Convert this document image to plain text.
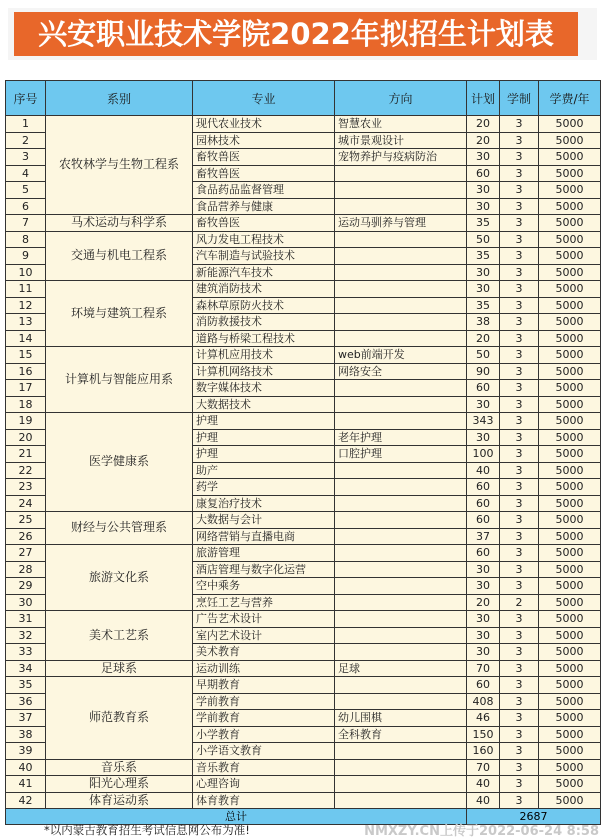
兴安职业技术学院2022年拟招生计划表
序号	系别	专业	方向	计划	学制	学费/年
1	农牧林学与生物工程系	现代农业技术	智慧农业	20	3	5000
2		园林技术	城市景观设计	20	3	5000
3		畜牧兽医	宠物养护与疫病防治	30	3	5000
4		畜牧兽医		60	3	5000
5		食品药品监督管理		30	3	5000
6		食品营养与健康		30	3	5000
7	马术运动与科学系	畜牧兽医	运动马驯养与管理	35	3	5000
8	交通与机电工程系	风力发电工程技术		50	3	5000
9		汽车制造与试验技术		35	3	5000
10		新能源汽车技术		30	3	5000
11	环境与建筑工程系	建筑消防技术		30	3	5000
12		森林草原防火技术		35	3	5000
13		消防救援技术		38	3	5000
14		道路与桥梁工程技术		20	3	5000
15	计算机与智能应用系	计算机应用技术	web前端开发	50	3	5000
16		计算机网络技术	网络安全	90	3	5000
17		数字媒体技术		60	3	5000
18		大数据技术		30	3	5000
19	医学健康系	护理		343	3	5000
20		护理	老年护理	30	3	5000
21		护理	口腔护理	100	3	5000
22		助产		40	3	5000
23		药学		60	3	5000
24		康复治疗技术		60	3	5000
25	财经与公共管理系	大数据与会计		60	3	5000
26		网络营销与直播电商		37	3	5000
27	旅游文化系	旅游管理		60	3	5000
28		酒店管理与数字化运营		30	3	5000
29		空中乘务		30	3	5000
30		烹饪工艺与营养		20	2	5000
31	美术工艺系	广告艺术设计		30	3	5000
32		室内艺术设计		30	3	5000
33		美术教育		30	3	5000
34	足球系	运动训练	足球	70	3	5000
35	师范教育系	早期教育		60	3	5000
36		学前教育		408	3	5000
37		学前教育	幼儿围棋	46	3	5000
38		小学教育	全科教育	150	3	5000
39		小学语文教育		160	3	5000
40	音乐系	音乐教育		70	3	5000
41	阳光心理系	心理咨询		40	3	5000
42	体育运动系	体育教育		40	3	5000
总计				2687		
*以内蒙古教育招生考试信息网公布为准!	NMXZY.CN上传于2022-06-24 8:58
